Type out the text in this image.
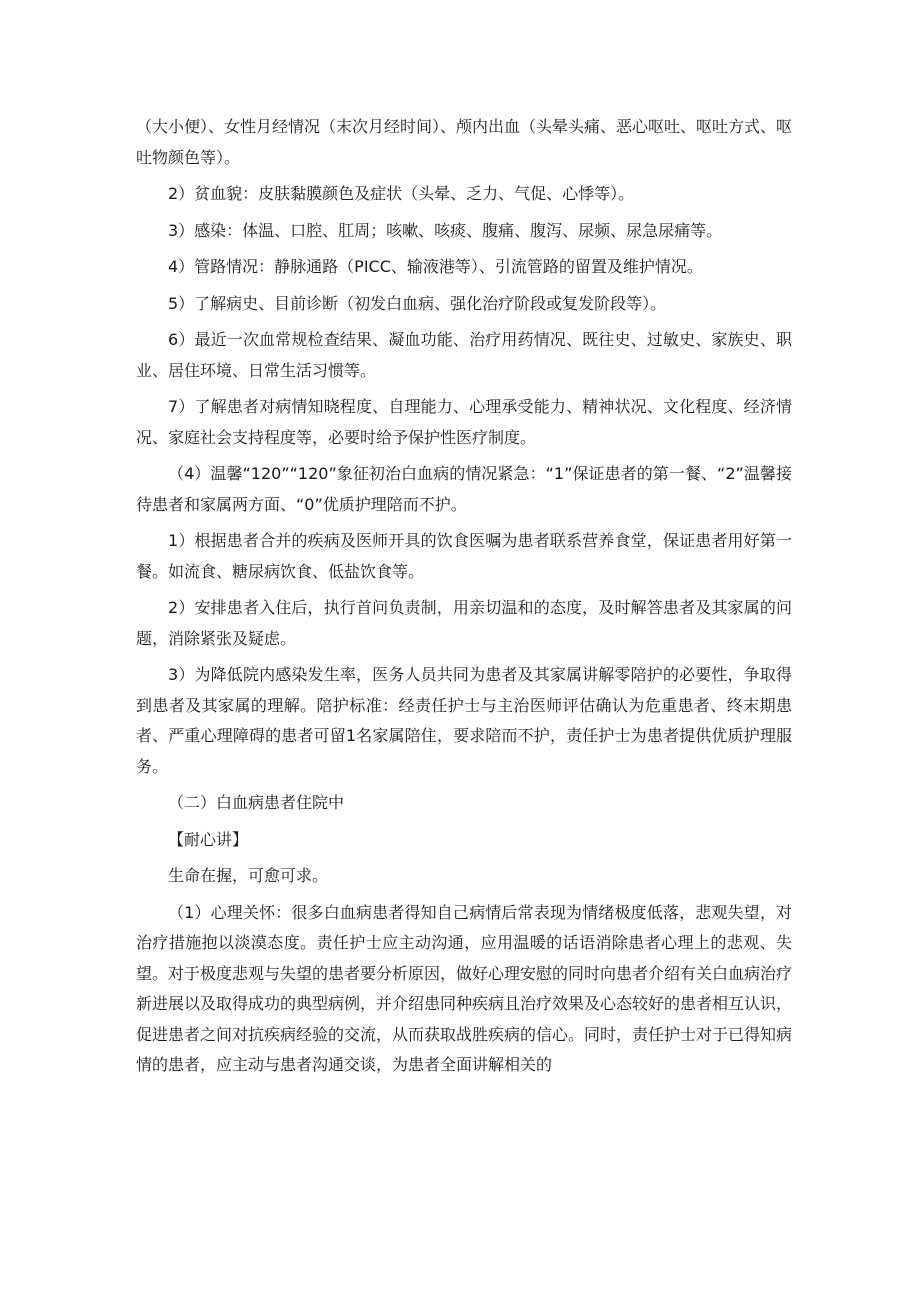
（大小便）、女性月经情况（末次月经时间）、颅内出血（头晕头痛、恶心呕吐、呕吐方式、呕吐物颜色等）。

2）贫血貌：皮肤黏膜颜色及症状（头晕、乏力、气促、心悸等）。

3）感染：体温、口腔、肛周；咳嗽、咳痰、腹痛、腹泻、尿频、尿急尿痛等。

4）管路情况：静脉通路（PICC、输液港等）、引流管路的留置及维护情况。

5）了解病史、目前诊断（初发白血病、强化治疗阶段或复发阶段等）。

6）最近一次血常规检查结果、凝血功能、治疗用药情况、既往史、过敏史、家族史、职业、居住环境、日常生活习惯等。

7）了解患者对病情知晓程度、自理能力、心理承受能力、精神状况、文化程度、经济情况、家庭社会支持程度等，必要时给予保护性医疗制度。

（4）温馨“120”“120”象征初治白血病的情况紧急：“1”保证患者的第一餐、“2”温馨接待患者和家属两方面、“0”优质护理陪而不护。

1）根据患者合并的疾病及医师开具的饮食医嘱为患者联系营养食堂，保证患者用好第一餐。如流食、糖尿病饮食、低盐饮食等。

2）安排患者入住后，执行首问负责制，用亲切温和的态度，及时解答患者及其家属的问题，消除紧张及疑虑。

3）为降低院内感染发生率，医务人员共同为患者及其家属讲解零陪护的必要性，争取得到患者及其家属的理解。陪护标准：经责任护士与主治医师评估确认为危重患者、终末期患者、严重心理障碍的患者可留1名家属陪住，要求陪而不护，责任护士为患者提供优质护理服务。

（二）白血病患者住院中

【耐心讲】

生命在握，可愈可求。

（1）心理关怀：很多白血病患者得知自己病情后常表现为情绪极度低落，悲观失望，对治疗措施抱以淡漠态度。责任护士应主动沟通，应用温暖的话语消除患者心理上的悲观、失望。对于极度悲观与失望的患者要分析原因，做好心理安慰的同时向患者介绍有关白血病治疗新进展以及取得成功的典型病例，并介绍患同种疾病且治疗效果及心态较好的患者相互认识，促进患者之间对抗疾病经验的交流，从而获取战胜疾病的信心。同时，责任护士对于已得知病情的患者，应主动与患者沟通交谈，为患者全面讲解相关的
